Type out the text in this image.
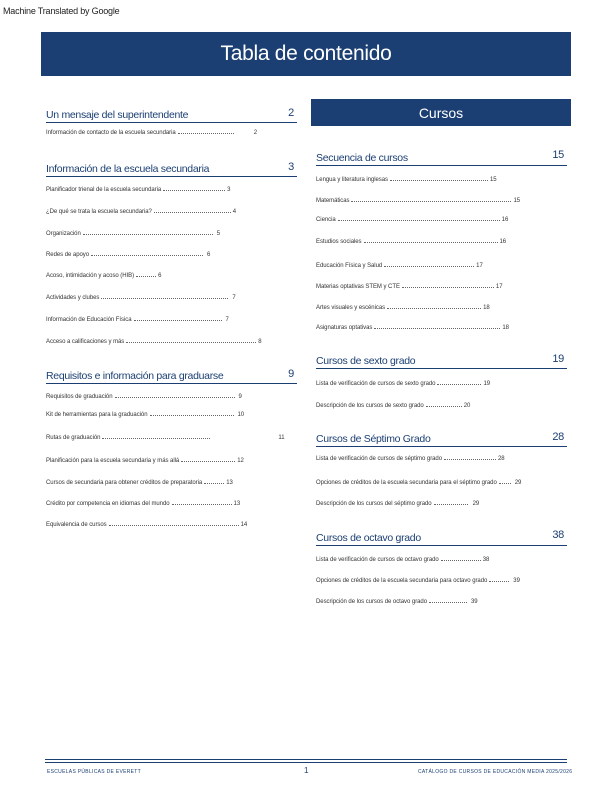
Machine Translated by Google
Tabla de contenido
Cursos
Un mensaje del superintendente	2
Información de contacto de la escuela secundaria	2
Información de la escuela secundaria	3
Planificador trienal de la escuela secundaria	3
¿De qué se trata la escuela secundaria?	4
Organización	5
Redes de apoyo	6
Acoso, intimidación y acoso (HIB)	6
Actividades y clubes	7
Información de Educación Física	7
Acceso a calificaciones y más	8
Requisitos e información para graduarse	9
Requisitos de graduación	9
Kit de herramientas para la graduación	10
Rutas de graduación	11
Planificación para la escuela secundaria y más allá	12
Cursos de secundaria para obtener créditos de preparatoria	13
Crédito por competencia en idiomas del mundo	13
Equivalencia de cursos	14
Secuencia de cursos	15
Lengua y literatura inglesas	15
Matemáticas	15
Ciencia	16
Estudios sociales	16
Educación Física y Salud	17
Materias optativas STEM y CTE	17
Artes visuales y escénicas	18
Asignaturas optativas	18
Cursos de sexto grado	19
Lista de verificación de cursos de sexto grado	19
Descripción de los cursos de sexto grado	20
Cursos de Séptimo Grado	28
Lista de verificación de cursos de séptimo grado	28
Opciones de créditos de la escuela secundaria para el séptimo grado	29
Descripción de los cursos del séptimo grado	29
Cursos de octavo grado	38
Lista de verificación de cursos de octavo grado	38
Opciones de créditos de la escuela secundaria para octavo grado	39
Descripción de los cursos de octavo grado	39
ESCUELAS PÚBLICAS DE EVERETT	1	CATÁLOGO DE CURSOS DE EDUCACIÓN MEDIA 2025/2026
